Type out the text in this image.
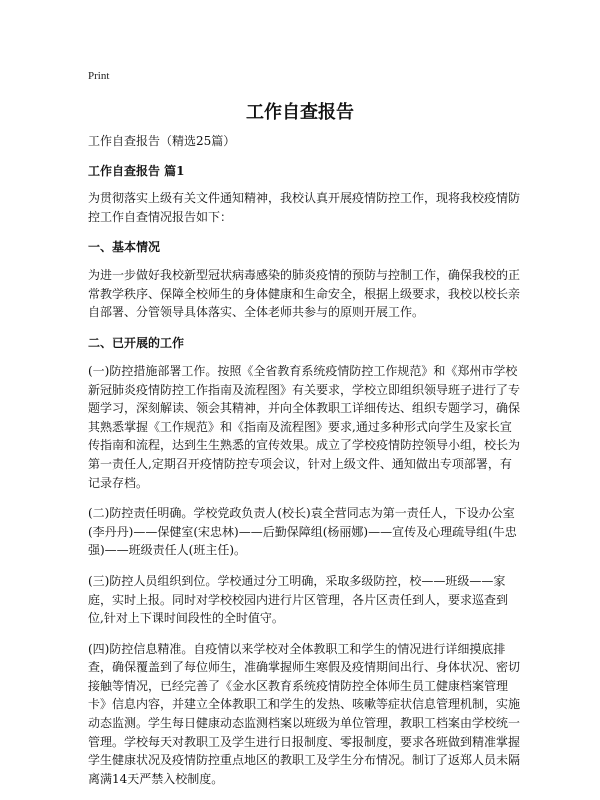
Print
工作自查报告

工作自查报告（精选25篇）

工作自查报告 篇1

为贯彻落实上级有关文件通知精神，我校认真开展疫情防控工作，现将我校疫情防控工作自查情况报告如下：

一、基本情况

为进一步做好我校新型冠状病毒感染的肺炎疫情的预防与控制工作，确保我校的正常教学秩序、保障全校师生的身体健康和生命安全，根据上级要求，我校以校长亲自部署、分管领导具体落实、全体老师共参与的原则开展工作。

二、已开展的工作

(一)防控措施部署工作。按照《全省教育系统疫情防控工作规范》和《郑州市学校新冠肺炎疫情防控工作指南及流程图》有关要求，学校立即组织领导班子进行了专题学习，深刻解读、领会其精神，并向全体教职工详细传达、组织专题学习，确保其熟悉掌握《工作规范》和《指南及流程图》要求,通过多种形式向学生及家长宣传指南和流程，达到生生熟悉的宣传效果。成立了学校疫情防控领导小组，校长为第一责任人,定期召开疫情防控专项会议，针对上级文件、通知做出专项部署，有记录存档。

(二)防控责任明确。学校党政负责人(校长)袁全营同志为第一责任人，下设办公室(李丹丹)——保健室(宋忠林)——后勤保障组(杨丽娜)——宣传及心理疏导组(牛忠强)——班级责任人(班主任)。

(三)防控人员组织到位。学校通过分工明确，采取多级防控，校——班级——家庭，实时上报。同时对学校校园内进行片区管理，各片区责任到人，要求巡查到位,针对上下课时间段性的全时值守。

(四)防控信息精准。自疫情以来学校对全体教职工和学生的情况进行详细摸底排查，确保覆盖到了每位师生，准确掌握师生寒假及疫情期间出行、身体状况、密切接触等情况，已经完善了《金水区教育系统疫情防控全体师生员工健康档案管理卡》信息内容，并建立全体教职工和学生的发热、咳嗽等症状信息管理机制，实施动态监测。学生每日健康动态监测档案以班级为单位管理，教职工档案由学校统一管理。学校每天对教职工及学生进行日报制度、零报制度，要求各班做到精准掌握学生健康状况及疫情防控重点地区的教职工及学生分布情况。制订了返郑人员未隔离满14天严禁入校制度。
